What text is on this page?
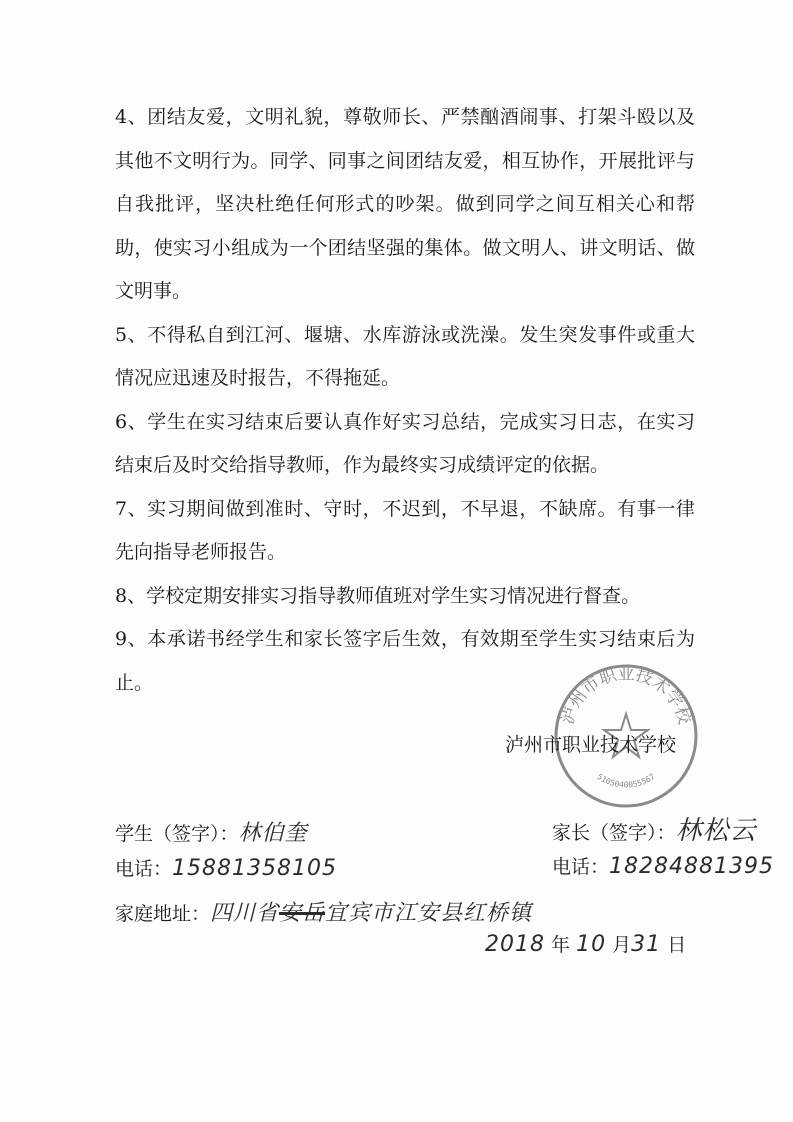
4、团结友爱，文明礼貌，尊敬师长、严禁酗酒闹事、打架斗殴以及其他不文明行为。同学、同事之间团结友爱，相互协作，开展批评与自我批评，坚决杜绝任何形式的吵架。做到同学之间互相关心和帮助，使实习小组成为一个团结坚强的集体。做文明人、讲文明话、做文明事。

5、不得私自到江河、堰塘、水库游泳或洗澡。发生突发事件或重大情况应迅速及时报告，不得拖延。

6、学生在实习结束后要认真作好实习总结，完成实习日志，在实习结束后及时交给指导教师，作为最终实习成绩评定的依据。

7、实习期间做到准时、守时，不迟到，不早退，不缺席。有事一律先向指导老师报告。

8、学校定期安排实习指导教师值班对学生实习情况进行督查。

9、本承诺书经学生和家长签字后生效，有效期至学生实习结束后为止。

泸州市职业技术学校
5105040055567
泸州市职业技术学校
学生（签字）：林伯奎	家长（签字）：林松云
电话：15881358105	电话：18284881395
家庭地址：四川省安岳宜宾市江安县红桥镇
2018 年 10 月31 日
